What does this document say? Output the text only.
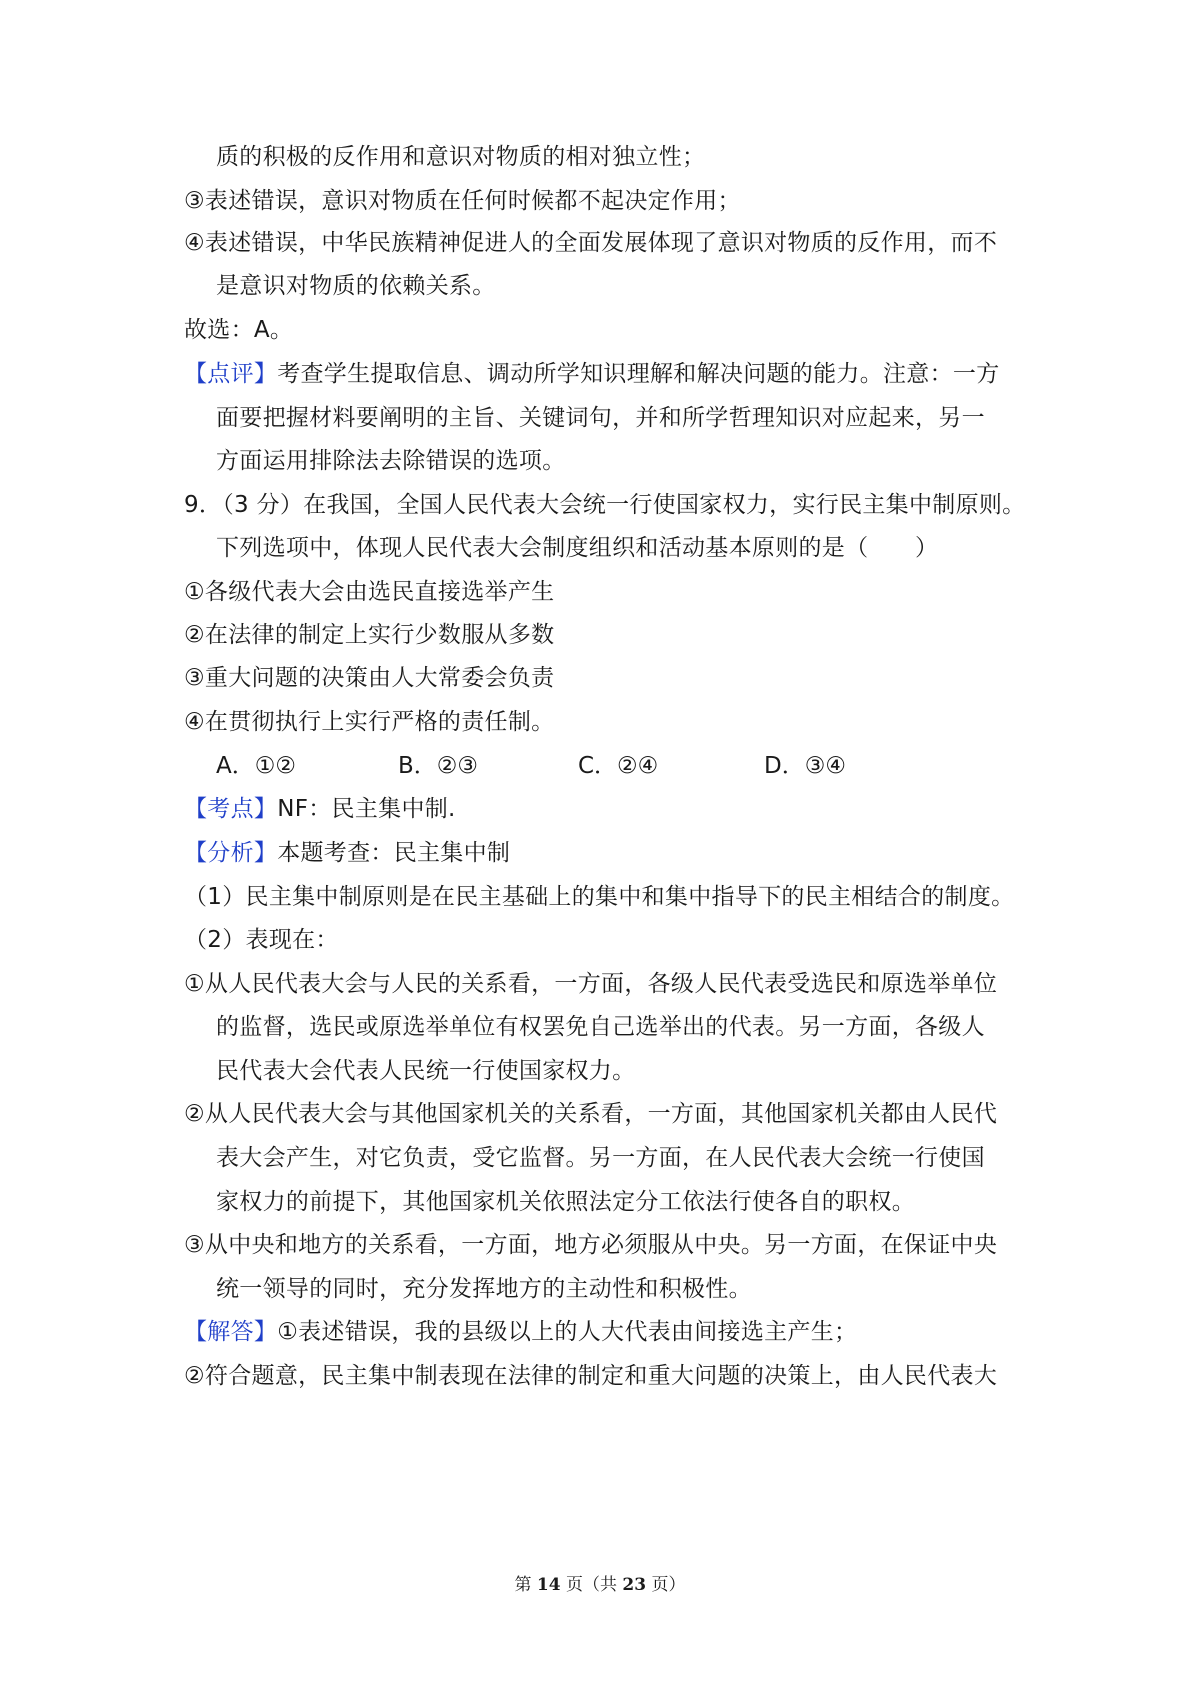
质的积极的反作用和意识对物质的相对独立性；
③表述错误，意识对物质在任何时候都不起决定作用；
④表述错误，中华民族精神促进人的全面发展体现了意识对物质的反作用，而不
是意识对物质的依赖关系。
故选：A。
【点评】考查学生提取信息、调动所学知识理解和解决问题的能力。注意：一方
面要把握材料要阐明的主旨、关键词句，并和所学哲理知识对应起来，另一
方面运用排除法去除错误的选项。
9．（3 分）在我国，全国人民代表大会统一行使国家权力，实行民主集中制原则。
下列选项中，体现人民代表大会制度组织和活动基本原则的是（　　）
①各级代表大会由选民直接选举产生
②在法律的制定上实行少数服从多数
③重大问题的决策由人大常委会负责
④在贯彻执行上实行严格的责任制。
A．①②	B．②③	C．②④	D．③④
【考点】NF：民主集中制.
【分析】本题考查：民主集中制
（1）民主集中制原则是在民主基础上的集中和集中指导下的民主相结合的制度。
（2）表现在：
①从人民代表大会与人民的关系看，一方面，各级人民代表受选民和原选举单位
的监督，选民或原选举单位有权罢免自己选举出的代表。另一方面，各级人
民代表大会代表人民统一行使国家权力。
②从人民代表大会与其他国家机关的关系看，一方面，其他国家机关都由人民代
表大会产生，对它负责，受它监督。另一方面，在人民代表大会统一行使国
家权力的前提下，其他国家机关依照法定分工依法行使各自的职权。
③从中央和地方的关系看，一方面，地方必须服从中央。另一方面，在保证中央
统一领导的同时，充分发挥地方的主动性和积极性。
【解答】①表述错误，我的县级以上的人大代表由间接选主产生；
②符合题意，民主集中制表现在法律的制定和重大问题的决策上，由人民代表大
第 14 页（共 23 页）
